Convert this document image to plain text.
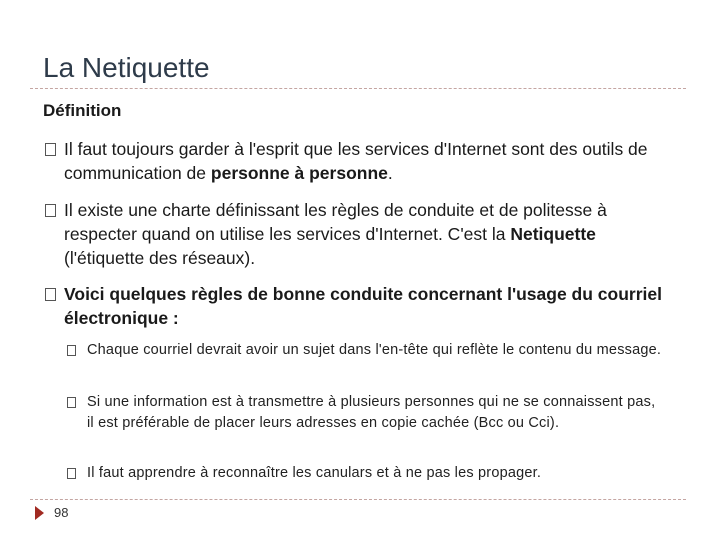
La Netiquette
Définition
Il faut toujours garder à l'esprit que les services d'Internet sont des outils de communication de personne à personne.
Il existe une charte définissant les règles de conduite et de politesse à respecter quand on utilise les services d'Internet. C'est la Netiquette (l'étiquette des réseaux).
Voici quelques règles de bonne conduite concernant l'usage du courriel électronique :
Chaque courriel devrait avoir un sujet dans l'en-tête qui reflète le contenu du message.
Si une information est à transmettre à plusieurs personnes qui ne se connaissent pas, il est préférable de placer leurs adresses en copie cachée (Bcc ou Cci).
Il faut apprendre à reconnaître les canulars et à ne pas les propager.
98
